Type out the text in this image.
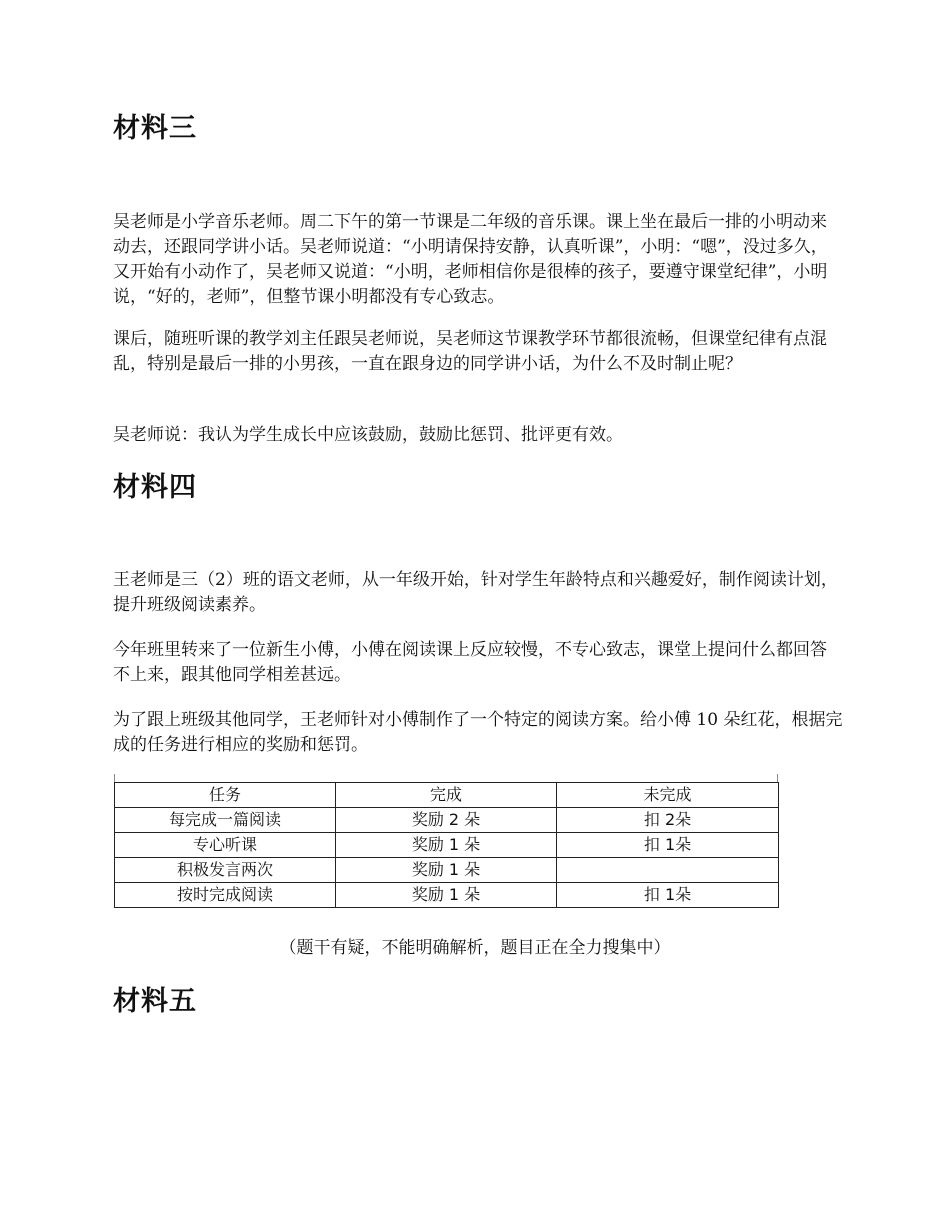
材料三

吴老师是小学音乐老师。周二下午的第一节课是二年级的音乐课。课上坐在最后一排的小明动来动去，还跟同学讲小话。吴老师说道：“小明请保持安静，认真听课”，小明：“嗯”，没过多久，又开始有小动作了，吴老师又说道：“小明，老师相信你是很棒的孩子，要遵守课堂纪律”，小明说，“好的，老师”，但整节课小明都没有专心致志。

课后，随班听课的教学刘主任跟吴老师说，吴老师这节课教学环节都很流畅，但课堂纪律有点混乱，特别是最后一排的小男孩，一直在跟身边的同学讲小话，为什么不及时制止呢？

吴老师说：我认为学生成长中应该鼓励，鼓励比惩罚、批评更有效。

材料四

王老师是三（2）班的语文老师，从一年级开始，针对学生年龄特点和兴趣爱好，制作阅读计划，提升班级阅读素养。

今年班里转来了一位新生小傅，小傅在阅读课上反应较慢，不专心致志，课堂上提问什么都回答不上来，跟其他同学相差甚远。

为了跟上班级其他同学，王老师针对小傅制作了一个特定的阅读方案。给小傅 10 朵红花，根据完成的任务进行相应的奖励和惩罚。

任务	完成	未完成
每完成一篇阅读	奖励 2 朵	扣 2朵
专心听课	奖励 1 朵	扣 1朵
积极发言两次	奖励 1 朵	
按时完成阅读	奖励 1 朵	扣 1朵

（题干有疑，不能明确解析，题目正在全力搜集中）

材料五
